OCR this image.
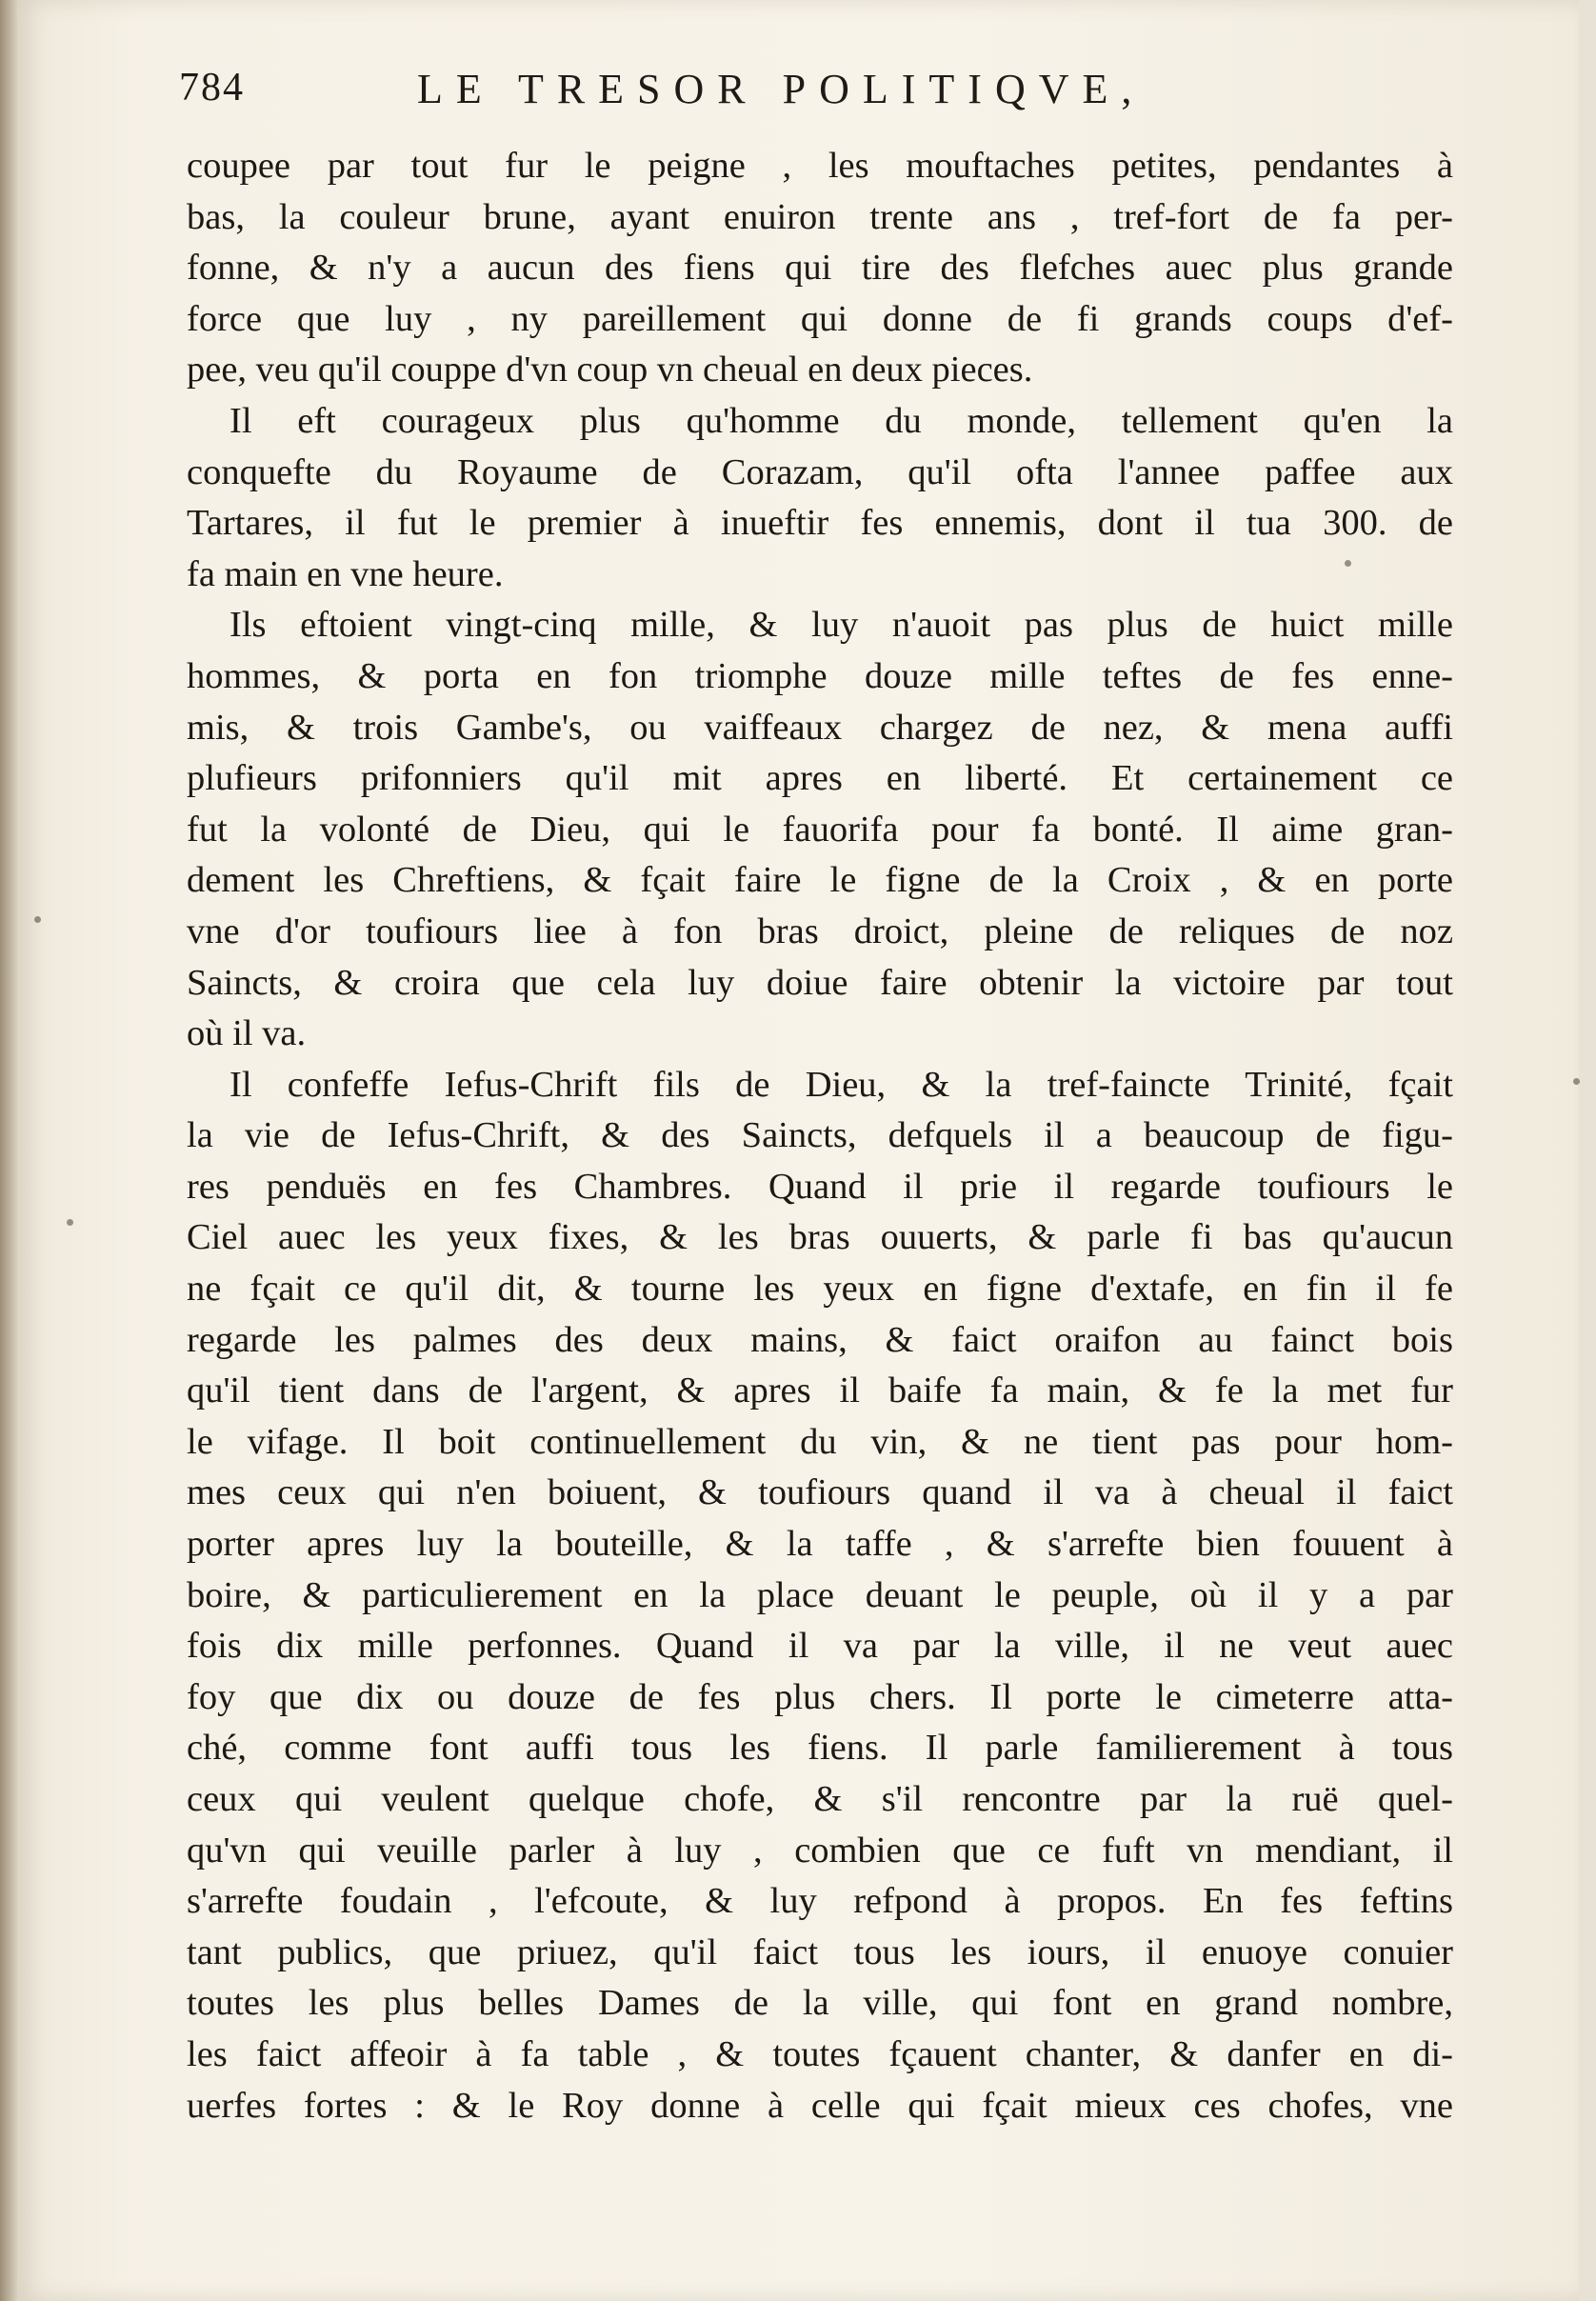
784	LE TRESOR POLITIQVE,
coupee par tout fur le peigne , les mouftaches petites, pendantes à
bas, la couleur brune, ayant enuiron trente ans , tref-fort de fa per-
fonne, & n'y a aucun des fiens qui tire des flefches auec plus grande
force que luy , ny pareillement qui donne de fi grands coups d'ef-
pee, veu qu'il couppe d'vn coup vn cheual en deux pieces.
Il eft courageux plus qu'homme du monde, tellement qu'en la
conquefte du Royaume de Corazam, qu'il ofta l'annee paffee aux
Tartares, il fut le premier à inueftir fes ennemis, dont il tua 300. de
fa main en vne heure.
Ils eftoient vingt-cinq mille, & luy n'auoit pas plus de huict mille
hommes, & porta en fon triomphe douze mille teftes de fes enne-
mis, & trois Gambe's, ou vaiffeaux chargez de nez, & mena auffi
plufieurs prifonniers qu'il mit apres en liberté. Et certainement ce
fut la volonté de Dieu, qui le fauorifa pour fa bonté. Il aime gran-
dement les Chreftiens, & fçait faire le figne de la Croix , & en porte
vne d'or toufiours liee à fon bras droict, pleine de reliques de noz
Saincts, & croira que cela luy doiue faire obtenir la victoire par tout
où il va.
Il confeffe Iefus-Chrift fils de Dieu, & la tref-faincte Trinité, fçait
la vie de Iefus-Chrift, & des Saincts, defquels il a beaucoup de figu-
res penduës en fes Chambres. Quand il prie il regarde toufiours le
Ciel auec les yeux fixes, & les bras ouuerts, & parle fi bas qu'aucun
ne fçait ce qu'il dit, & tourne les yeux en figne d'extafe, en fin il fe
regarde les palmes des deux mains, & faict oraifon au fainct bois
qu'il tient dans de l'argent, & apres il baife fa main, & fe la met fur
le vifage. Il boit continuellement du vin, & ne tient pas pour hom-
mes ceux qui n'en boiuent, & toufiours quand il va à cheual il faict
porter apres luy la bouteille, & la taffe , & s'arrefte bien fouuent à
boire, & particulierement en la place deuant le peuple, où il y a par
fois dix mille perfonnes. Quand il va par la ville, il ne veut auec
foy que dix ou douze de fes plus chers. Il porte le cimeterre atta-
ché, comme font auffi tous les fiens. Il parle familierement à tous
ceux qui veulent quelque chofe, & s'il rencontre par la ruë quel-
qu'vn qui veuille parler à luy , combien que ce fuft vn mendiant, il
s'arrefte foudain , l'efcoute, & luy refpond à propos. En fes feftins
tant publics, que priuez, qu'il faict tous les iours, il enuoye conuier
toutes les plus belles Dames de la ville, qui font en grand nombre,
les faict affeoir à fa table , & toutes fçauent chanter, & danfer en di-
uerfes fortes : & le Roy donne à celle qui fçait mieux ces chofes, vne
